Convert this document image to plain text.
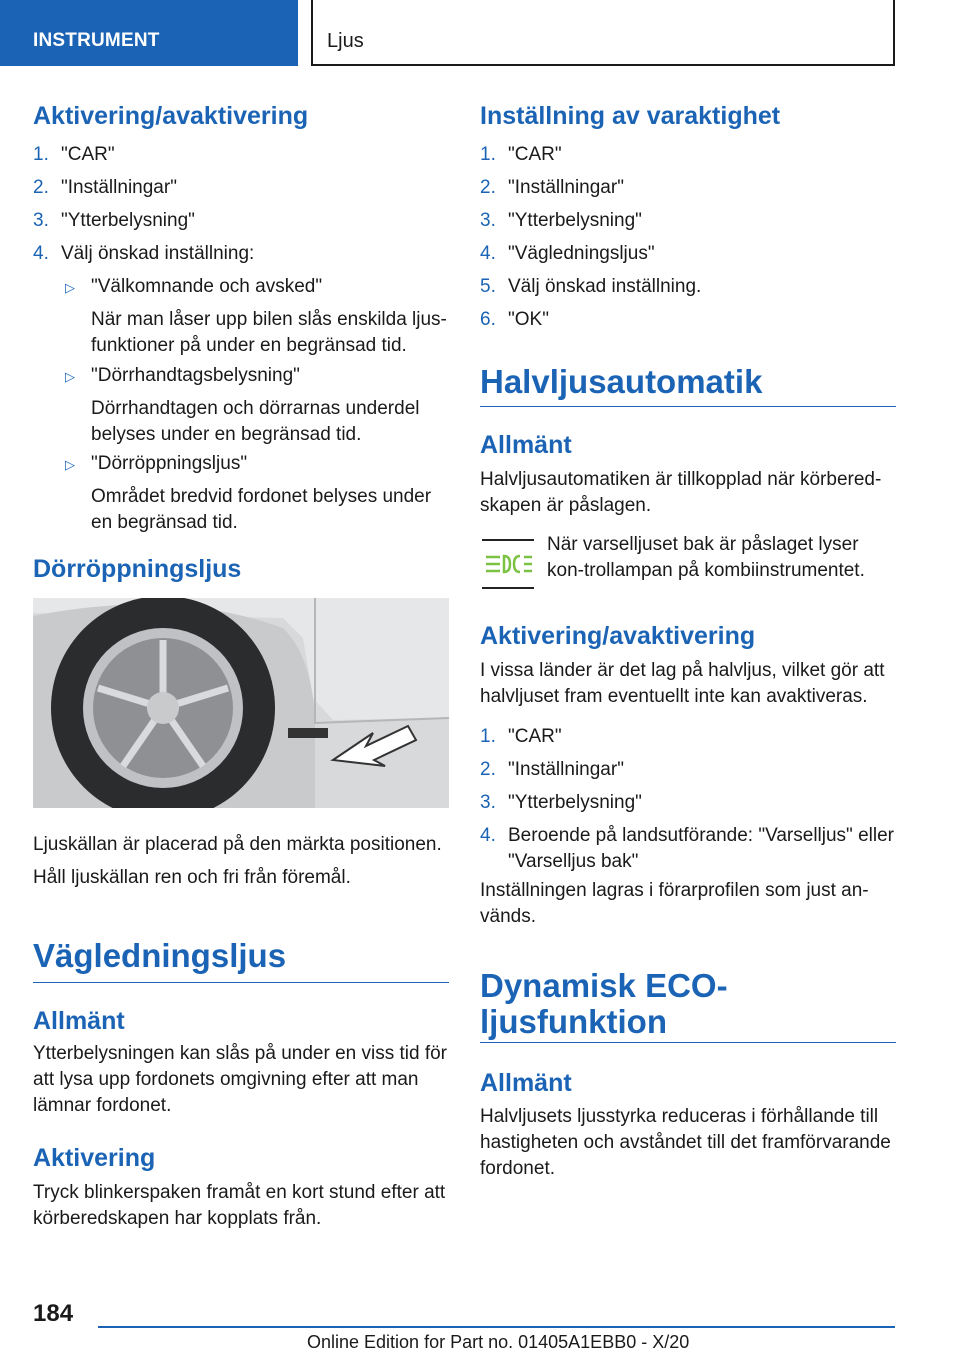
INSTRUMENT	Ljus
Aktivering/avaktivering
1. "CAR"
2. "Inställningar"
3. "Ytterbelysning"
4. Välj önskad inställning:
▷ "Välkomnande och avsked"
När man låser upp bilen slås enskilda ljus-funktioner på under en begränsad tid.
▷ "Dörrhandtagsbelysning"
Dörrhandtagen och dörrarnas underdel belyses under en begränsad tid.
▷ "Dörröppningsljus"
Området bredvid fordonet belyses under en begränsad tid.
Dörröppningsljus
Ljuskällan är placerad på den märkta positionen.
Håll ljuskällan ren och fri från föremål.
Vägledningsljus
Allmänt
Ytterbelysningen kan slås på under en viss tid för att lysa upp fordonets omgivning efter att man lämnar fordonet.
Aktivering
Tryck blinkerspaken framåt en kort stund efter att körberedskapen har kopplats från.
Inställning av varaktighet
1. "CAR"
2. "Inställningar"
3. "Ytterbelysning"
4. "Vägledningsljus"
5. Välj önskad inställning.
6. "OK"
Halvljusautomatik
Allmänt
Halvljusautomatiken är tillkopplad när körbered-skapen är påslagen.
När varselljuset bak är påslaget lyser kon-trollampan på kombiinstrumentet.
Aktivering/avaktivering
I vissa länder är det lag på halvljus, vilket gör att halvljuset fram eventuellt inte kan avaktiveras.
1. "CAR"
2. "Inställningar"
3. "Ytterbelysning"
4. Beroende på landsutförande: "Varselljus" eller "Varselljus bak"
Inställningen lagras i förarprofilen som just an-vänds.
Dynamisk ECO-
ljusfunktion
Allmänt
Halvljusets ljusstyrka reduceras i förhållande till hastigheten och avståndet till det framförvarande fordonet.
184
Online Edition for Part no. 01405A1EBB0 - X/20
